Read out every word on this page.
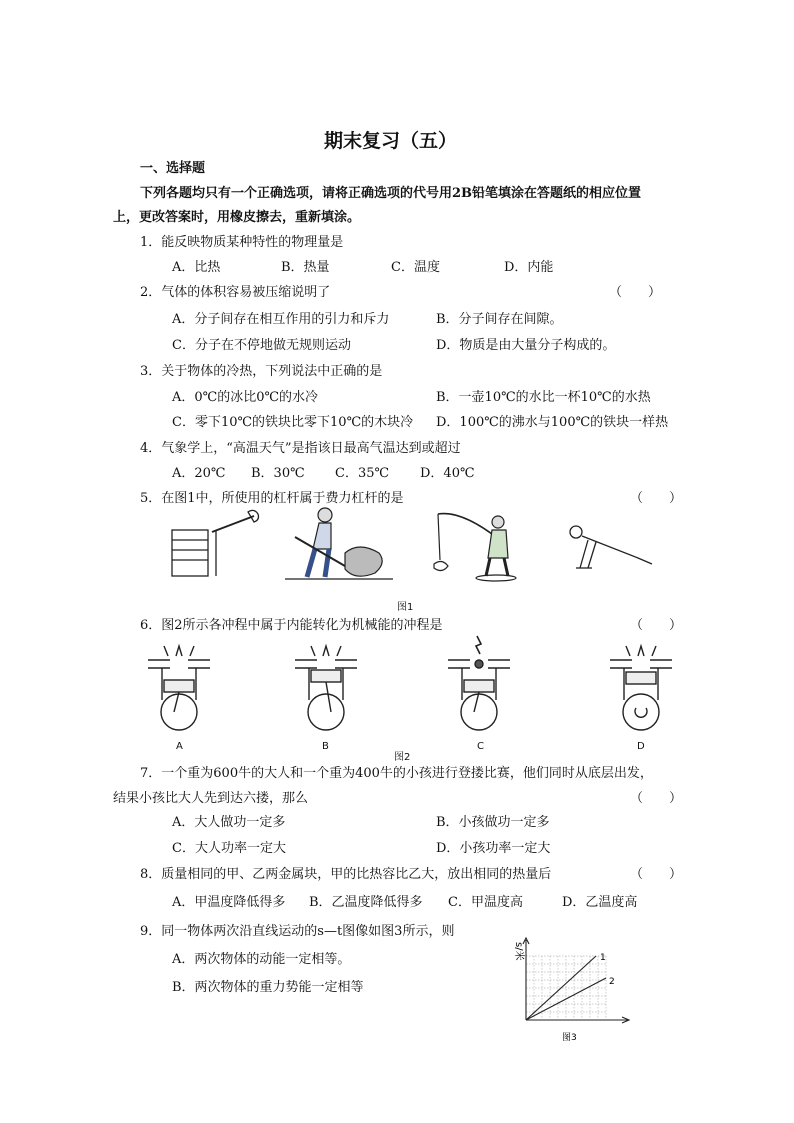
期末复习（五）
一、选择题
下列各题均只有一个正确选项，请将正确选项的代号用2B铅笔填涂在答题纸的相应位置
上，更改答案时，用橡皮擦去，重新填涂。
1．能反映物质某种特性的物理量是
A．比热	B．热量	C．温度	D．内能
2．气体的体积容易被压缩说明了	（　　）
A．分子间存在相互作用的引力和斥力	B．分子间存在间隙。
C．分子在不停地做无规则运动	D．物质是由大量分子构成的。
3．关于物体的冷热，下列说法中正确的是
A．0℃的冰比0℃的水冷	B．一壶10℃的水比一杯10℃的水热
C．零下10℃的铁块比零下10℃的木块冷 D．100℃的沸水与100℃的铁块一样热
4．气象学上，“高温天气”是指该日最高气温达到或超过
A．20℃ B．30℃ C．35℃ D．40℃
5．在图1中，所使用的杠杆属于费力杠杆的是	（　　）
图1
6．图2所示各冲程中属于内能转化为机械能的冲程是	（　　）
A	B
图2
C	D
7．一个重为600牛的大人和一个重为400牛的小孩进行登搂比赛，他们同时从底层出发，
结果小孩比大人先到达六搂，那么	（　　）
A．大人做功一定多	B．小孩做功一定多
C．大人功率一定大	D．小孩功率一定大
8．质量相同的甲、乙两金属块，甲的比热容比乙大，放出相同的热量后	（　　）
A．甲温度降低得多 B．乙温度降低得多 C．甲温度高	D．乙温度高
9．同一物体两次沿直线运动的s—t图像如图3所示，则
A．两次物体的动能一定相等。
B．两次物体的重力势能一定相等
s/米	1
2
图3
